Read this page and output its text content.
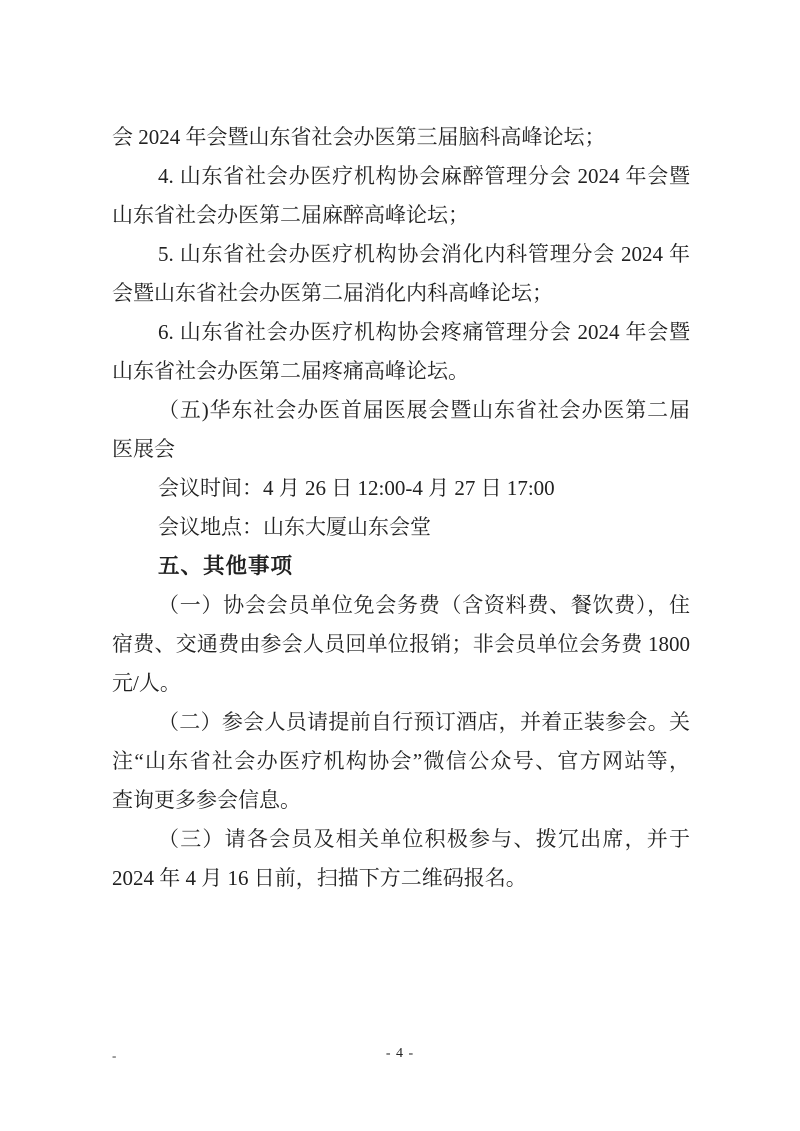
会 2024 年会暨山东省社会办医第三届脑科高峰论坛；
4. 山东省社会办医疗机构协会麻醉管理分会 2024 年会暨
山东省社会办医第二届麻醉高峰论坛；
5. 山东省社会办医疗机构协会消化内科管理分会 2024 年
会暨山东省社会办医第二届消化内科高峰论坛；
6. 山东省社会办医疗机构协会疼痛管理分会 2024 年会暨
山东省社会办医第二届疼痛高峰论坛。
（五)华东社会办医首届医展会暨山东省社会办医第二届
医展会
会议时间：4 月 26 日 12:00-4 月 27 日 17:00
会议地点：山东大厦山东会堂
五、其他事项
（一）协会会员单位免会务费（含资料费、餐饮费），住
宿费、交通费由参会人员回单位报销；非会员单位会务费 1800
元/人。
（二）参会人员请提前自行预订酒店，并着正装参会。关
注“山东省社会办医疗机构协会”微信公众号、官方网站等，
查询更多参会信息。
（三）请各会员及相关单位积极参与、拨冗出席，并于
2024 年 4 月 16 日前，扫描下方二维码报名。
-	- 4 -
